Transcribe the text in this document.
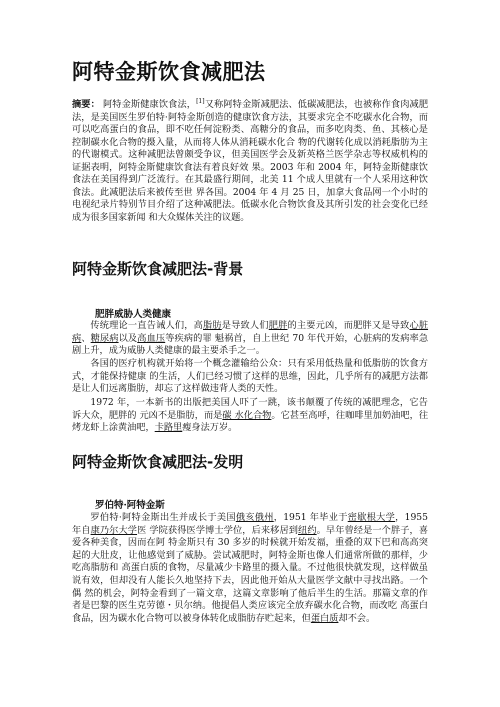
阿特金斯饮食减肥法

摘要： 阿特金斯健康饮食法，[1]又称阿特金斯减肥法、低碳减肥法，也被称作食肉减肥法，是美国医生罗伯特·阿特金斯创造的健康饮食方法，其要求完全不吃碳水化合物，而可以吃高蛋白的食品，即不吃任何淀粉类、高糖分的食品，而多吃肉类、鱼、其核心是控制碳水化合物的摄入量，从而将人体从消耗碳水化合 物的代谢转化成以消耗脂肪为主的代谢模式。这种减肥法曾颇受争议，但美国医学会及新英格兰医学杂志等权威机构的证据表明，阿特金斯健康饮食法有着良好效 果。2003 年和 2004 年，阿特金斯健康饮食法在美国得到广泛流行。在其最盛行期间，北美 11 个成人里就有一个人采用这种饮食法。此减肥法后来被传至世 界各国。2004 年 4 月 25 日，加拿大食品网一个小时的电视纪录片特别节目介绍了这种减肥法。低碳水化合物饮食及其所引发的社会变化已经成为很多国家新闻 和大众媒体关注的议题。

阿特金斯饮食减肥法-背景
肥胖威胁人类健康

传统理论一直告诫人们，高脂肪是导致人们肥胖的主要元凶，而肥胖又是导致心脏病、糖尿病以及高血压等疾病的罪 魁祸首，自上世纪 70 年代开始，心脏病的发病率急剧上升，成为威胁人类健康的最主要杀手之一。

各国的医疗机构就开始将一个概念灌输给公众：只有采用低热量和低脂肪的饮食方式，才能保持健康 的生活，人们已经习惯了这样的思维，因此，几乎所有的减肥方法都是让人们远离脂肪，却忘了这样做违背人类的天性。

1972 年，一本新书的出版把美国人吓了一跳，该书颠覆了传统的减肥理念，它告诉大众，肥胖的 元凶不是脂肪，而是碳 水化合物。它甚至高呼，往咖啡里加奶油吧，往烤龙虾上涂黄油吧，卡路里瘦身法万岁。

阿特金斯饮食减肥法-发明
罗伯特·阿特金斯

罗伯特·阿特金斯出生并成长于美国俄亥俄州，1951 年毕业于密歇根大学，1955 年自康乃尔大学医 学院获得医学博士学位，后来移居到纽约。早年曾经是一个胖子，喜爱各种美食，因而在阿 特金斯只有 30 多岁的时候就开始发福，重叠的双下巴和高高突起的大肚皮，让他感觉到了威胁。尝试减肥时，阿特金斯也像人们通常所做的那样，少吃高脂肪和 高蛋白质的食物，尽量减少卡路里的摄入量。不过他很快就发现，这样做虽说有效，但却没有人能长久地坚持下去，因此他开始从大量医学文献中寻找出路。一个偶 然的机会，阿特金看到了一篇文章，这篇文章影响了他后半生的生活。那篇文章的作者是巴黎的医生克劳德・贝尔纳。他提倡人类应该完全放弃碳水化合物，而改吃 高蛋白食品，因为碳水化合物可以被身体转化成脂肪存贮起来，但蛋白质却不会。
